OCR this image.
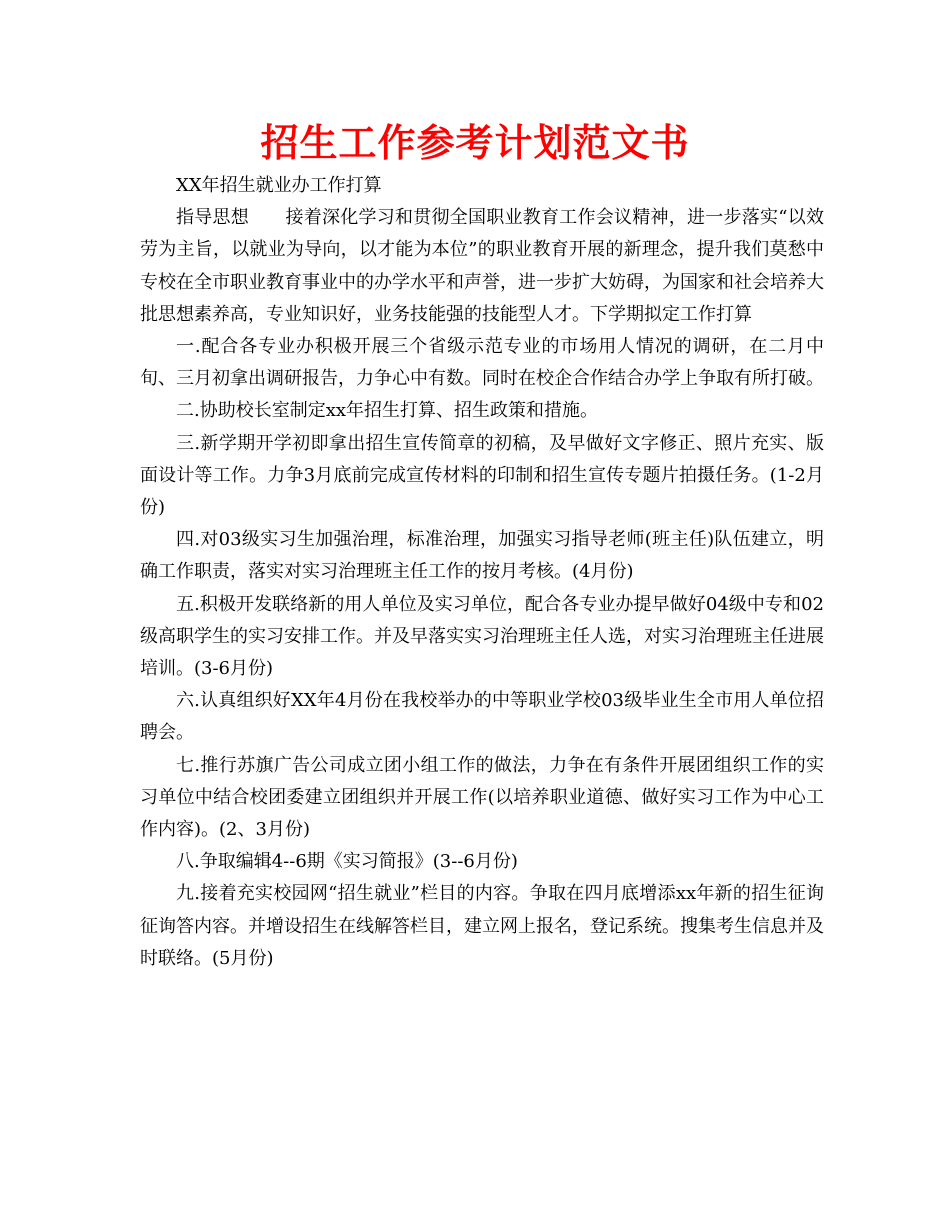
招生工作参考计划范文书

XX年招生就业办工作打算

指导思想　　接着深化学习和贯彻全国职业教育工作会议精神，进一步落实“以效劳为主旨，以就业为导向，以才能为本位”的职业教育开展的新理念，提升我们莫愁中专校在全市职业教育事业中的办学水平和声誉，进一步扩大妨碍，为国家和社会培养大批思想素养高，专业知识好，业务技能强的技能型人才。下学期拟定工作打算

一.配合各专业办积极开展三个省级示范专业的市场用人情况的调研，在二月中旬、三月初拿出调研报告，力争心中有数。同时在校企合作结合办学上争取有所打破。

二.协助校长室制定xx年招生打算、招生政策和措施。

三.新学期开学初即拿出招生宣传简章的初稿，及早做好文字修正、照片充实、版面设计等工作。力争3月底前完成宣传材料的印制和招生宣传专题片拍摄任务。(1-2月份)

四.对03级实习生加强治理，标准治理，加强实习指导老师(班主任)队伍建立，明确工作职责，落实对实习治理班主任工作的按月考核。(4月份)

五.积极开发联络新的用人单位及实习单位，配合各专业办提早做好04级中专和02级高职学生的实习安排工作。并及早落实实习治理班主任人选，对实习治理班主任进展培训。(3-6月份)

六.认真组织好XX年4月份在我校举办的中等职业学校03级毕业生全市用人单位招聘会。

七.推行苏旗广告公司成立团小组工作的做法，力争在有条件开展团组织工作的实习单位中结合校团委建立团组织并开展工作(以培养职业道德、做好实习工作为中心工作内容)。(2、3月份)

八.争取编辑4--6期《实习简报》(3--6月份)

九.接着充实校园网“招生就业”栏目的内容。争取在四月底增添xx年新的招生征询征询答内容。并增设招生在线解答栏目，建立网上报名，登记系统。搜集考生信息并及时联络。(5月份)
